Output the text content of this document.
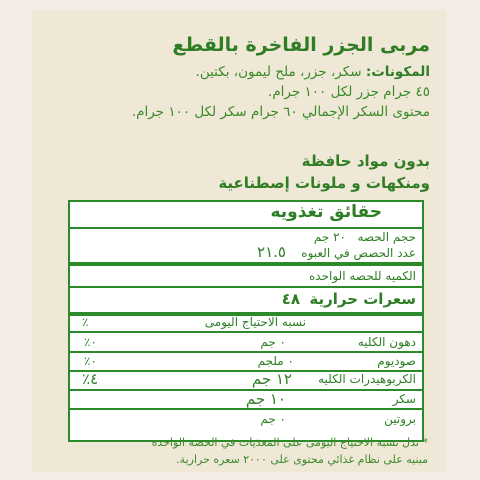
مربى الجزر الفاخرة بالقطع
المكونات: سكر، جزر، ملح ليمون، بكتين.
٤٥ جرام جزر لكل ١٠٠ جرام.
محتوى السكر الإجمالي ٦٠ جرام سكر لكل ١٠٠ جرام.
بدون مواد حافظة
ومنكهات و ملونات إصطناعية
حقائق تغذويه
حجم الحصه
٢٠ جم
عدد الحصص في العبوه
٢١.٥
الكميه للحصه الواحده
سعرات حرارية
٤٨
نسبه الاحتياج اليومى
٪
دهون الكليه
٠ جم
٠٪
صوديوم
٠ ملجم
٠٪
الكربوهيدرات الكليه
١٢ جم
٤٪
سكر
١٠ جم
بروتين
٠ جم
* تدل نسبه الاحتياج اليومى على المغذيات في الحصه الواحدة
مبنيه على نظام غذائي محتوى على ٢٠٠٠ سعره حرارية.
